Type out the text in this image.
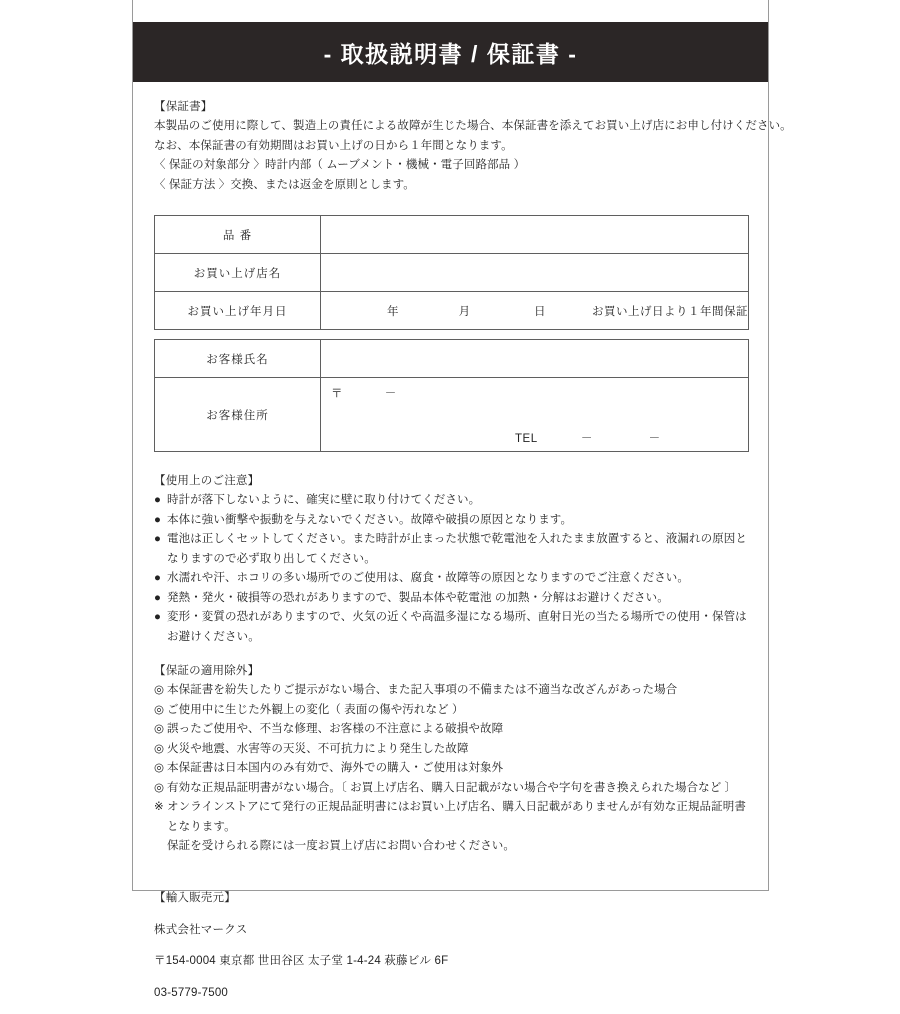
- 取扱説明書 / 保証書 -

【保証書】

本製品のご使用に際して、製造上の責任による故障が生じた場合、本保証書を添えてお買い上げ店にお申し付けください。

なお、本保証書の有効期間はお買い上げの日から１年間となります。

〈 保証の対象部分 〉時計内部（ ムーブメント・機械・電子回路部品 ）

〈 保証方法 〉交換、または返金を原則とします。

品 番	
お買い上げ店名	
お買い上げ年月日	年 月 日 お買い上げ日より１年間保証
お客様氏名	
お客様住所	〒 －
TEL － －

【使用上のご注意】

● 時計が落下しないように、確実に壁に取り付けてください。
● 本体に強い衝撃や振動を与えないでください。故障や破損の原因となります。
● 電池は正しくセットしてください。また時計が止まった状態で乾電池を入れたまま放置すると、液漏れの原因と
なりますので必ず取り出してください。
● 水濡れや汗、ホコリの多い場所でのご使用は、腐食・故障等の原因となりますのでご注意ください。
● 発熱・発火・破損等の恐れがありますので、製品本体や乾電池 の加熱・分解はお避けください。
● 変形・変質の恐れがありますので、火気の近くや高温多湿になる場所、直射日光の当たる場所での使用・保管は
お避けください。

【保証の適用除外】

◎ 本保証書を紛失したりご提示がない場合、また記入事項の不備または不適当な改ざんがあった場合
◎ ご使用中に生じた外観上の変化（ 表面の傷や汚れなど ）
◎ 誤ったご使用や、不当な修理、お客様の不注意による破損や故障
◎ 火災や地震、水害等の天災、不可抗力により発生した故障
◎ 本保証書は日本国内のみ有効で、海外での購入・ご使用は対象外
◎ 有効な正規品証明書がない場合。〔 お買上げ店名、購入日記載がない場合や字句を書き換えられた場合など 〕
※ オンラインストアにて発行の正規品証明書にはお買い上げ店名、購入日記載がありませんが有効な正規品証明書となります。
保証を受けられる際には一度お買上げ店にお問い合わせください。

【輸入販売元】

株式会社マークス

〒154-0004 東京都 世田谷区 太子堂 1-4-24 萩藤ビル 6F

03-5779-7500
